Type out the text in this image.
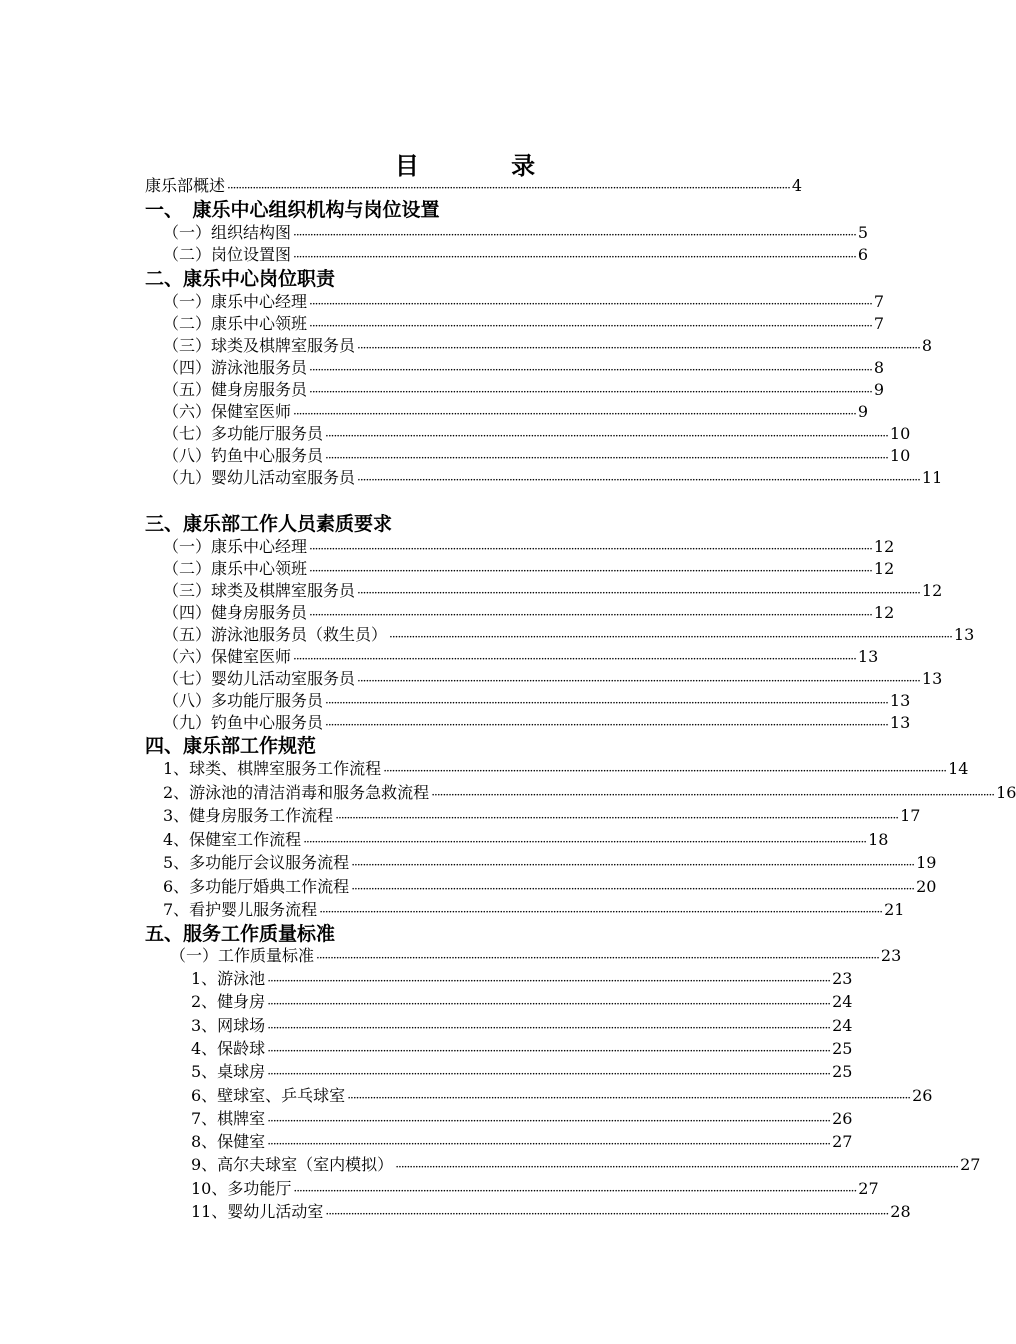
目 录
康乐部概述 ········································································································································································································ 4
一、　康乐中心组织机构与岗位设置
（一）组织结构图 ········································································································································································································ 5
（二）岗位设置图 ········································································································································································································ 6
二、康乐中心岗位职责
（一）康乐中心经理 ········································································································································································································ 7
（二）康乐中心领班 ········································································································································································································ 7
（三）球类及棋牌室服务员 ········································································································································································································ 8
（四）游泳池服务员 ········································································································································································································ 8
（五）健身房服务员 ········································································································································································································ 9
（六）保健室医师 ········································································································································································································ 9
（七）多功能厅服务员 ········································································································································································································ 10
（八）钓鱼中心服务员 ········································································································································································································ 10
（九）婴幼儿活动室服务员 ········································································································································································································ 11
三、康乐部工作人员素质要求
（一）康乐中心经理 ········································································································································································································ 12
（二）康乐中心领班 ········································································································································································································ 12
（三）球类及棋牌室服务员 ········································································································································································································ 12
（四）健身房服务员 ········································································································································································································ 12
（五）游泳池服务员（救生员） ········································································································································································································ 13
（六）保健室医师 ········································································································································································································ 13
（七）婴幼儿活动室服务员 ········································································································································································································ 13
（八）多功能厅服务员 ········································································································································································································ 13
（九）钓鱼中心服务员 ········································································································································································································ 13
四、康乐部工作规范
1、球类、棋牌室服务工作流程 ········································································································································································································ 14
2、游泳池的清洁消毒和服务急救流程 ········································································································································································································ 16
3、健身房服务工作流程 ········································································································································································································ 17
4、保健室工作流程 ········································································································································································································ 18
5、多功能厅会议服务流程 ········································································································································································································ 19
6、多功能厅婚典工作流程 ········································································································································································································ 20
7、看护婴儿服务流程 ········································································································································································································ 21
五、服务工作质量标准
（一）工作质量标准 ········································································································································································································ 23
1、游泳池 ········································································································································································································ 23
2、健身房 ········································································································································································································ 24
3、网球场 ········································································································································································································ 24
4、保龄球 ········································································································································································································ 25
5、桌球房 ········································································································································································································ 25
6、壁球室、乒乓球室 ········································································································································································································ 26
7、棋牌室 ········································································································································································································ 26
8、保健室 ········································································································································································································ 27
9、高尔夫球室（室内模拟） ········································································································································································································ 27
10、多功能厅 ········································································································································································································ 27
11、婴幼儿活动室 ········································································································································································································ 28
